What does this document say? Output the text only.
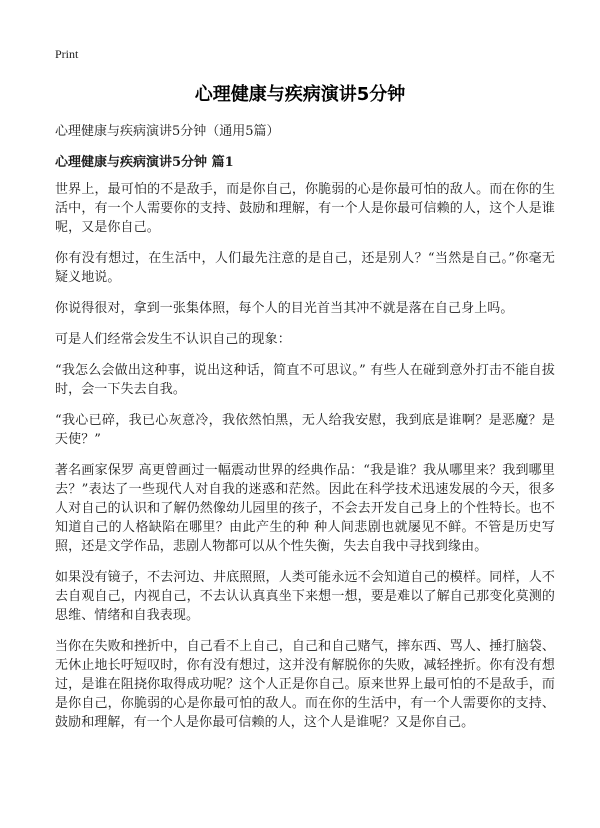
Print
心理健康与疾病演讲5分钟
心理健康与疾病演讲5分钟（通用5篇）
心理健康与疾病演讲5分钟 篇1

世界上，最可怕的不是敌手，而是你自己，你脆弱的心是你最可怕的敌人。而在你的生活中，有一个人需要你的支持、鼓励和理解，有一个人是你最可信赖的人，这个人是谁呢，又是你自己。

你有没有想过，在生活中，人们最先注意的是自己，还是别人？“当然是自己。”你毫无疑义地说。

你说得很对，拿到一张集体照，每个人的目光首当其冲不就是落在自己身上吗。

可是人们经常会发生不认识自己的现象：

“我怎么会做出这种事，说出这种话，简直不可思议。” 有些人在碰到意外打击不能自拔时，会一下失去自我。

“我心已碎，我已心灰意冷，我依然怕黑，无人给我安慰，我到底是谁啊？是恶魔？是天使？”

著名画家保罗 高更曾画过一幅震动世界的经典作品：“我是谁？我从哪里来？我到哪里去？”表达了一些现代人对自我的迷惑和茫然。因此在科学技术迅速发展的今天，很多人对自己的认识和了解仍然像幼儿园里的孩子，不会去开发自己身上的个性特长。也不知道自己的人格缺陷在哪里？由此产生的种 种人间悲剧也就屡见不鲜。不管是历史写照，还是文学作品，悲剧人物都可以从个性失衡，失去自我中寻找到缘由。

如果没有镜子，不去河边、井底照照，人类可能永远不会知道自己的模样。同样，人不去自观自己，内视自己，不去认认真真坐下来想一想，要是难以了解自己那变化莫测的思维、情绪和自我表现。

当你在失败和挫折中，自己看不上自己，自己和自己赌气，摔东西、骂人、捶打脑袋、无休止地长吁短叹时，你有没有想过，这并没有解脱你的失败，减轻挫折。你有没有想过，是谁在阻挠你取得成功呢？这个人正是你自己。原来世界上最可怕的不是敌手，而是你自己，你脆弱的心是你最可怕的敌人。而在你的生活中，有一个人需要你的支持、鼓励和理解，有一个人是你最可信赖的人，这个人是谁呢？又是你自己。
